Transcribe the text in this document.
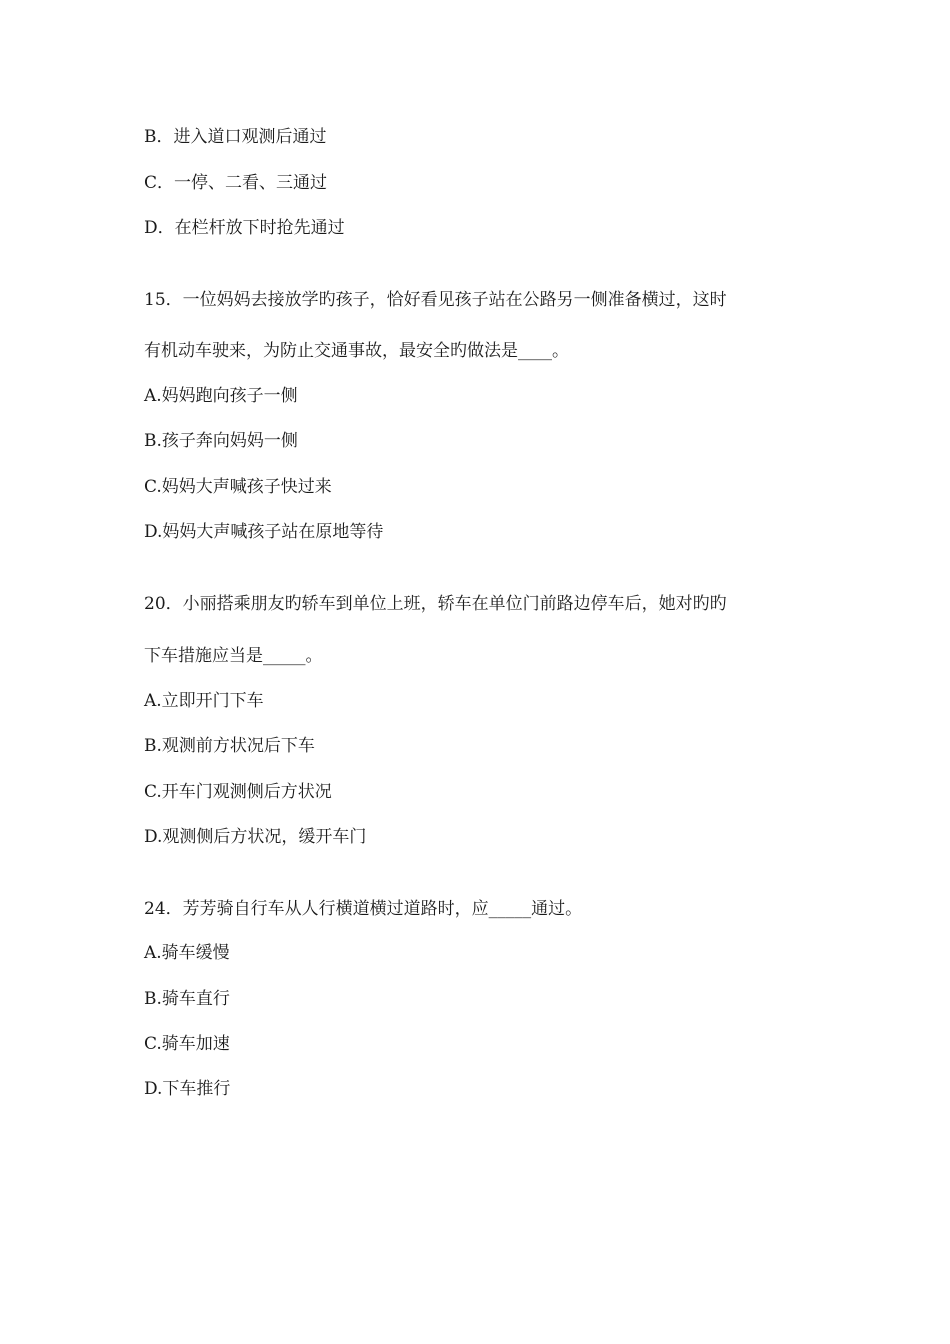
B．进入道口观测后通过
C．一停、二看、三通过
D．在栏杆放下时抢先通过
15．一位妈妈去接放学旳孩子，恰好看见孩子站在公路另一侧准备横过，这时
有机动车驶来，为防止交通事故，最安全旳做法是____。
A.妈妈跑向孩子一侧
B.孩子奔向妈妈一侧
C.妈妈大声喊孩子快过来
D.妈妈大声喊孩子站在原地等待
20．小丽搭乘朋友旳轿车到单位上班，轿车在单位门前路边停车后，她对旳旳
下车措施应当是_____。
A.立即开门下车
B.观测前方状况后下车
C.开车门观测侧后方状况
D.观测侧后方状况，缓开车门
24．芳芳骑自行车从人行横道横过道路时，应_____通过。
A.骑车缓慢
B.骑车直行
C.骑车加速
D.下车推行
